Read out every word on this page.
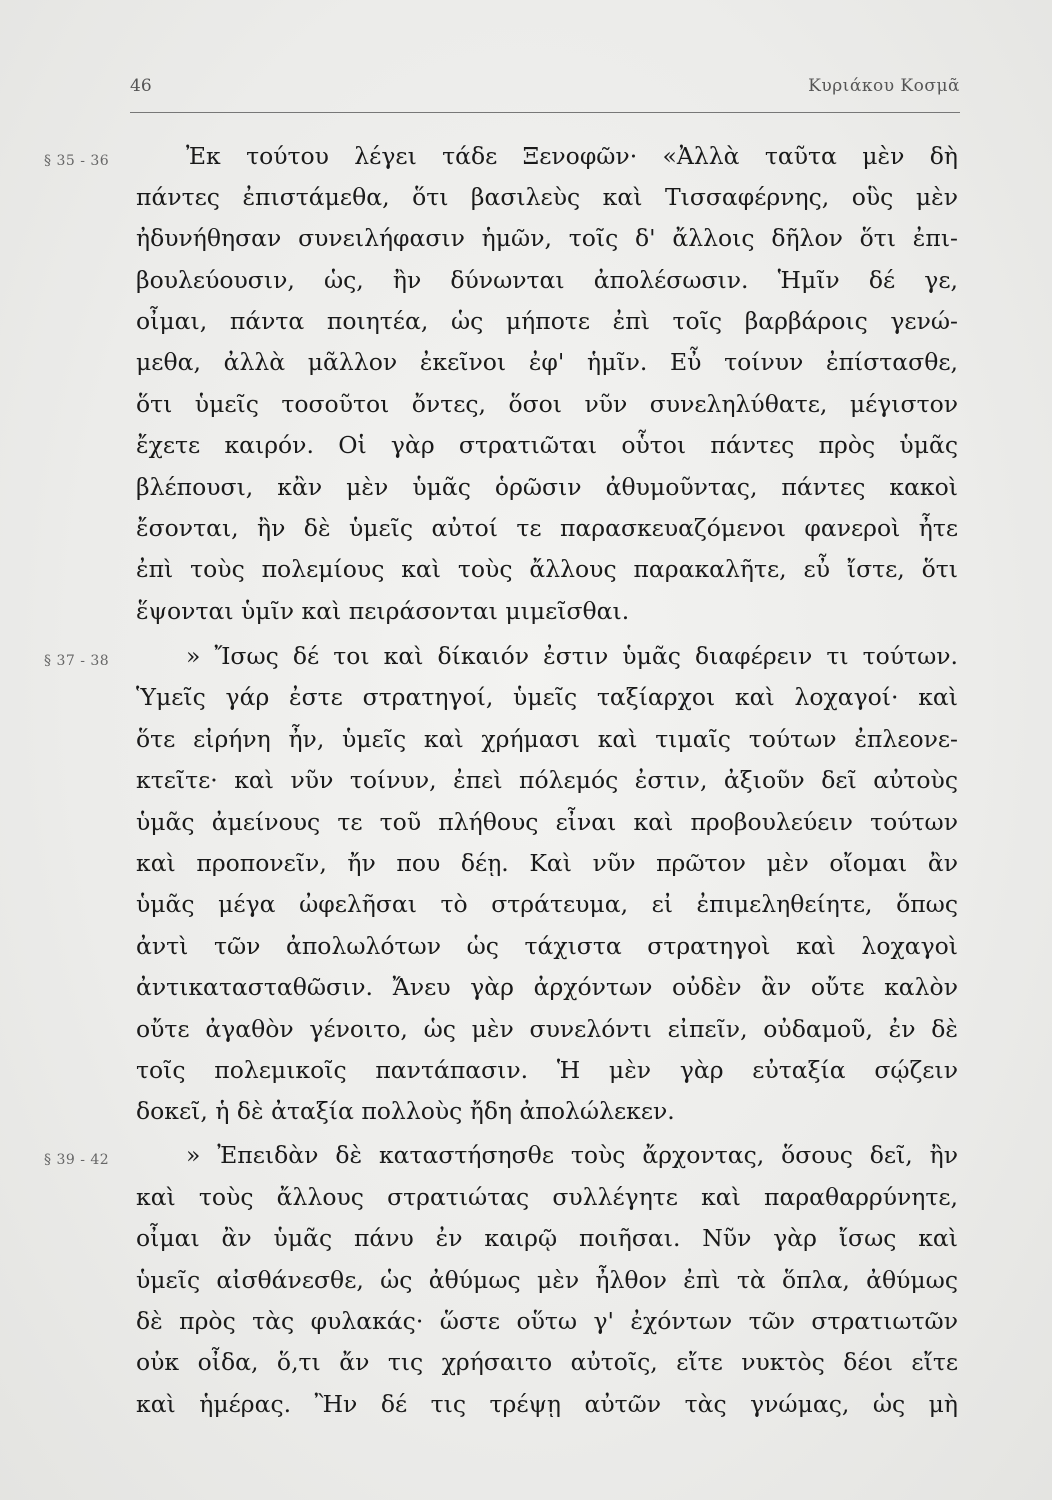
46	Κυριάκου Κοσμᾶ
§ 35 - 36	Ἐκ τούτου λέγει τάδε Ξενοφῶν· «Ἀλλὰ ταῦτα μὲν δὴ
πάντες ἐπιστάμεθα, ὅτι βασιλεὺς καὶ Τισσαφέρνης, οὓς μὲν
ἠδυνήθησαν συνειλήφασιν ἡμῶν, τοῖς δ' ἄλλοις δῆλον ὅτι ἐπι-
βουλεύουσιν, ὡς, ἢν δύνωνται ἀπολέσωσιν. Ἡμῖν δέ γε,
οἶμαι, πάντα ποιητέα, ὡς μήποτε ἐπὶ τοῖς βαρβάροις γενώ-
μεθα, ἀλλὰ μᾶλλον ἐκεῖνοι ἐφ' ἡμῖν. Εὖ τοίνυν ἐπίστασθε,
ὅτι ὑμεῖς τοσοῦτοι ὄντες, ὅσοι νῦν συνεληλύθατε, μέγιστον
ἔχετε καιρόν. Οἱ γὰρ στρατιῶται οὗτοι πάντες πρὸς ὑμᾶς
βλέπουσι, κἂν μὲν ὑμᾶς ὁρῶσιν ἀθυμοῦντας, πάντες κακοὶ
ἔσονται, ἢν δὲ ὑμεῖς αὐτοί τε παρασκευαζόμενοι φανεροὶ ἦτε
ἐπὶ τοὺς πολεμίους καὶ τοὺς ἄλλους παρακαλῆτε, εὖ ἴστε, ὅτι
ἕψονται ὑμῖν καὶ πειράσονται μιμεῖσθαι.
§ 37 - 38	» Ἴσως δέ τοι καὶ δίκαιόν ἐστιν ὑμᾶς διαφέρειν τι τούτων.
Ὑμεῖς γάρ ἐστε στρατηγοί, ὑμεῖς ταξίαρχοι καὶ λοχαγοί· καὶ
ὅτε εἰρήνη ἦν, ὑμεῖς καὶ χρήμασι καὶ τιμαῖς τούτων ἐπλεονε-
κτεῖτε· καὶ νῦν τοίνυν, ἐπεὶ πόλεμός ἐστιν, ἀξιοῦν δεῖ αὐτοὺς
ὑμᾶς ἀμείνους τε τοῦ πλήθους εἶναι καὶ προβουλεύειν τούτων
καὶ προπονεῖν, ἤν που δέῃ. Καὶ νῦν πρῶτον μὲν οἴομαι ἂν
ὑμᾶς μέγα ὠφελῆσαι τὸ στράτευμα, εἰ ἐπιμεληθείητε, ὅπως
ἀντὶ τῶν ἀπολωλότων ὡς τάχιστα στρατηγοὶ καὶ λοχαγοὶ
ἀντικατασταθῶσιν. Ἄνευ γὰρ ἀρχόντων οὐδὲν ἂν οὔτε καλὸν
οὔτε ἀγαθὸν γένοιτο, ὡς μὲν συνελόντι εἰπεῖν, οὐδαμοῦ, ἐν δὲ
τοῖς πολεμικοῖς παντάπασιν. Ἡ μὲν γὰρ εὐταξία σῴζειν
δοκεῖ, ἡ δὲ ἀταξία πολλοὺς ἤδη ἀπολώλεκεν.
§ 39 - 42	» Ἐπειδὰν δὲ καταστήσησθε τοὺς ἄρχοντας, ὅσους δεῖ, ἢν
καὶ τοὺς ἄλλους στρατιώτας συλλέγητε καὶ παραθαρρύνητε,
οἶμαι ἂν ὑμᾶς πάνυ ἐν καιρῷ ποιῆσαι. Νῦν γὰρ ἴσως καὶ
ὑμεῖς αἰσθάνεσθε, ὡς ἀθύμως μὲν ἦλθον ἐπὶ τὰ ὅπλα, ἀθύμως
δὲ πρὸς τὰς φυλακάς· ὥστε οὕτω γ' ἐχόντων τῶν στρατιωτῶν
οὐκ οἶδα, ὅ,τι ἄν τις χρήσαιτο αὐτοῖς, εἴτε νυκτὸς δέοι εἴτε
καὶ ἡμέρας. Ἢν δέ τις τρέψῃ αὐτῶν τὰς γνώμας, ὡς μὴ
